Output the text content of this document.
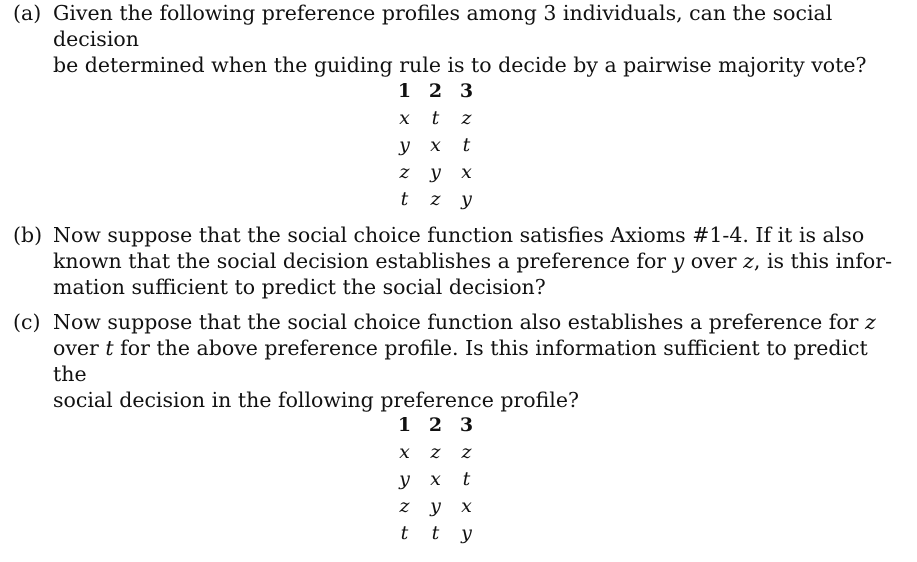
(a) Given the following preference profiles among 3 individuals, can the social decision
be determined when the guiding rule is to decide by a pairwise majority vote?
1	2	3
x	t	z
y	x	t
z	y	x
t	z	y
(b) Now suppose that the social choice function satisfies Axioms #1-4. If it is also
known that the social decision establishes a preference for y over z, is this infor-
mation sufficient to predict the social decision?
(c) Now suppose that the social choice function also establishes a preference for z
over t for the above preference profile. Is this information sufficient to predict the
social decision in the following preference profile?
1	2	3
x	z	z
y	x	t
z	y	x
t	t	y
